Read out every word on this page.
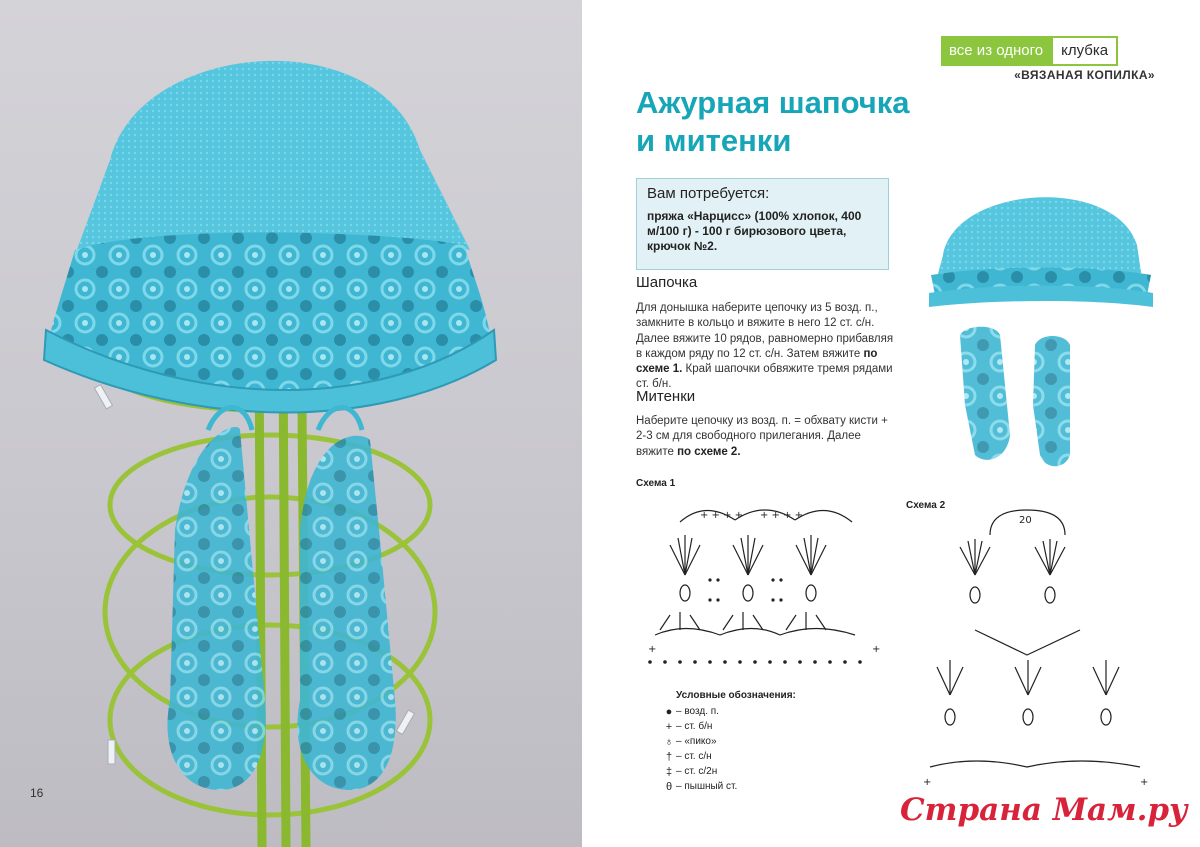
16
все из одного	клубка
«ВЯЗАНАЯ КОПИЛКА»
Ажурная шапочка
и митенки
Вам потребуется:
пряжа «Нарцисс» (100% хлопок, 400 м/100 г) - 100 г бирюзового цвета, крючок №2.
Шапочка
Для донышка наберите цепочку из 5 возд. п., замкните в кольцо и вяжите в него 12 ст. с/н. Далее вяжите 10 рядов, равномерно прибавляя в каждом ряду по 12 ст. с/н. Затем вяжите по схеме 1. Край шапочки обвяжите тремя рядами ст. б/н.
Митенки
Наберите цепочку из возд. п. = обхвату кисти + 2-3 см для свободного прилегания. Далее вяжите по схеме 2.
Схема 1
+	+
+ + + + + + + +
Схема 2
20
+	+
Условные обозначения:
● – возд. п.
+ – ст. б/н
♁ – «пико»
† – ст. с/н
‡ – ст. с/2н
θ – пышный ст.
Страна Мам.ру
